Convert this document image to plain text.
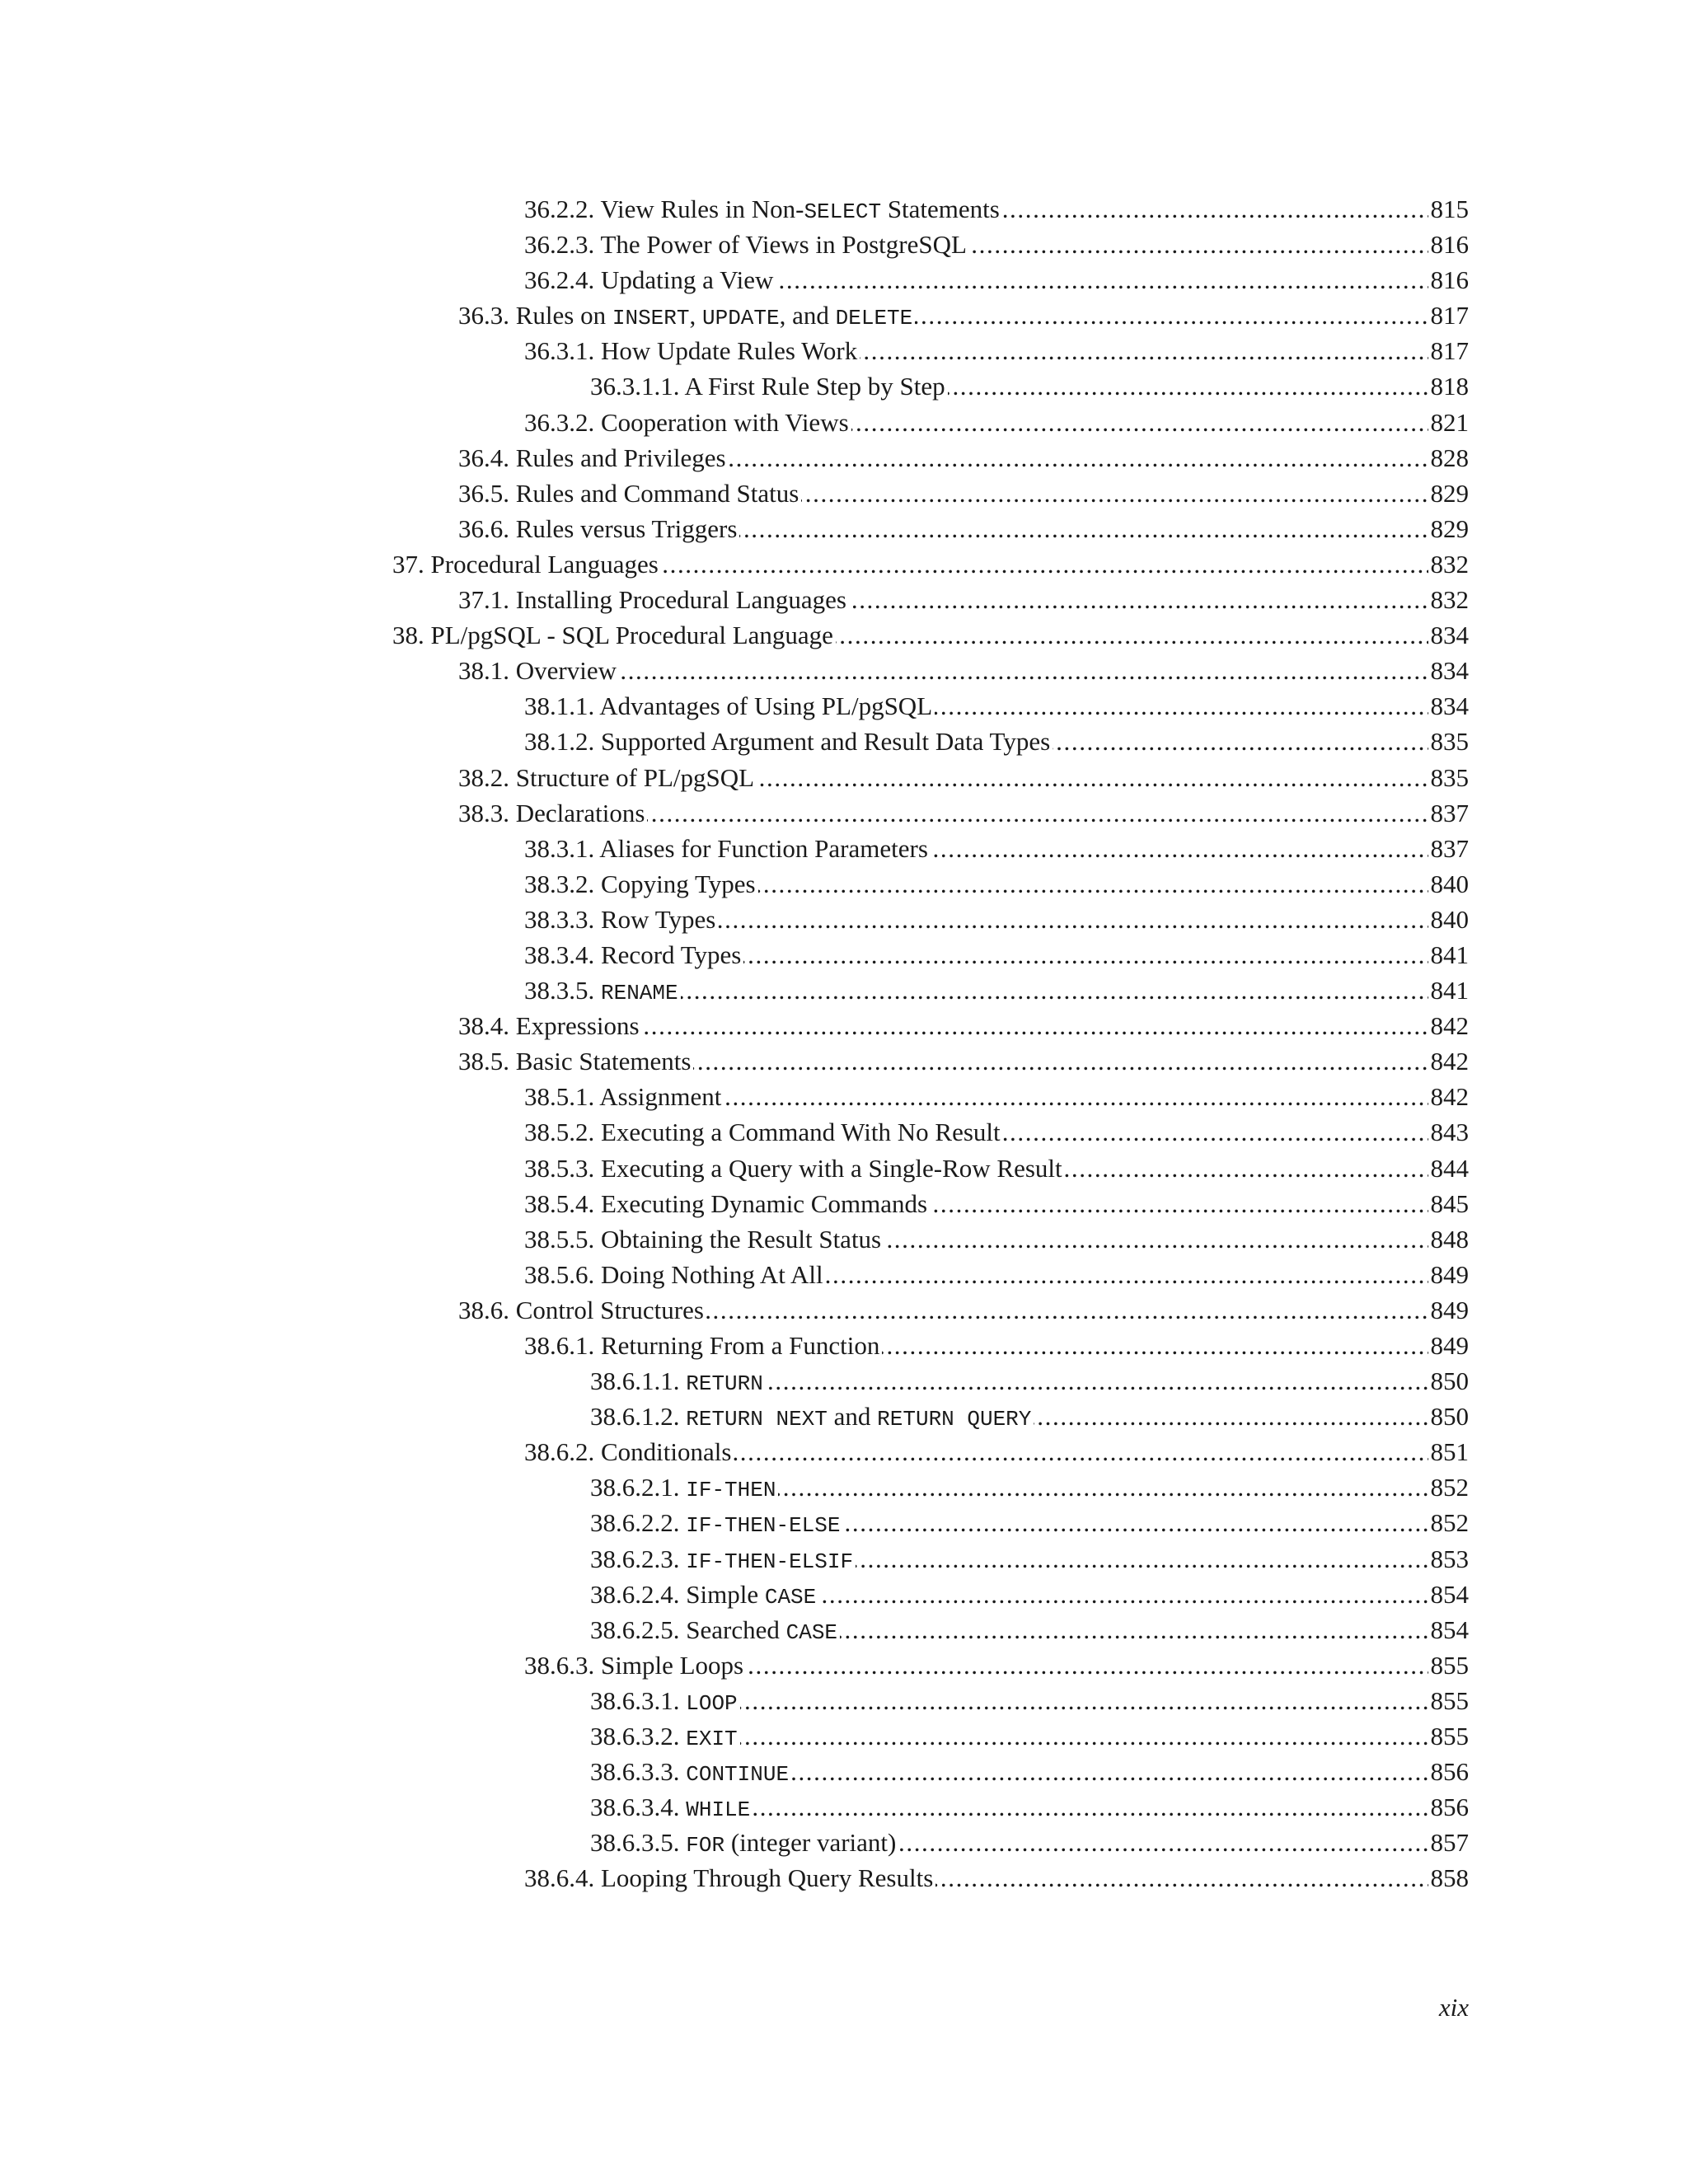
.....
36.2.2. View Rules in Non-SELECT Statements	815
.....
36.2.3. The Power of Views in PostgreSQL	816
.....
36.2.4. Updating a View	816
.....
36.3. Rules on INSERT, UPDATE, and DELETE	817
.....
36.3.1. How Update Rules Work	817
.....
36.3.1.1. A First Rule Step by Step	818
.....
36.3.2. Cooperation with Views	821
.....
36.4. Rules and Privileges	828
.....
36.5. Rules and Command Status	829
.....
36.6. Rules versus Triggers	829
.....
37. Procedural Languages	832
.....
37.1. Installing Procedural Languages	832
.....
38. PL/pgSQL - SQL Procedural Language	834
.....
38.1. Overview	834
.....
38.1.1. Advantages of Using PL/pgSQL	834
.....
38.1.2. Supported Argument and Result Data Types	835
.....
38.2. Structure of PL/pgSQL	835
.....
38.3. Declarations	837
.....
38.3.1. Aliases for Function Parameters	837
.....
38.3.2. Copying Types	840
.....
38.3.3. Row Types	840
.....
38.3.4. Record Types	841
.....
38.3.5. RENAME	841
.....
38.4. Expressions	842
.....
38.5. Basic Statements	842
.....
38.5.1. Assignment	842
.....
38.5.2. Executing a Command With No Result	843
.....
38.5.3. Executing a Query with a Single-Row Result	844
.....
38.5.4. Executing Dynamic Commands	845
.....
38.5.5. Obtaining the Result Status	848
.....
38.5.6. Doing Nothing At All	849
.....
38.6. Control Structures	849
.....
38.6.1. Returning From a Function	849
.....
38.6.1.1. RETURN	850
.....
38.6.1.2. RETURN NEXT and RETURN QUERY	850
.....
38.6.2. Conditionals	851
.....
38.6.2.1. IF-THEN	852
.....
38.6.2.2. IF-THEN-ELSE	852
.....
38.6.2.3. IF-THEN-ELSIF	853
.....
38.6.2.4. Simple CASE	854
.....
38.6.2.5. Searched CASE	854
.....
38.6.3. Simple Loops	855
.....
38.6.3.1. LOOP	855
.....
38.6.3.2. EXIT	855
.....
38.6.3.3. CONTINUE	856
.....
38.6.3.4. WHILE	856
.....
38.6.3.5. FOR (integer variant)	857
.....
38.6.4. Looping Through Query Results	858
xix
